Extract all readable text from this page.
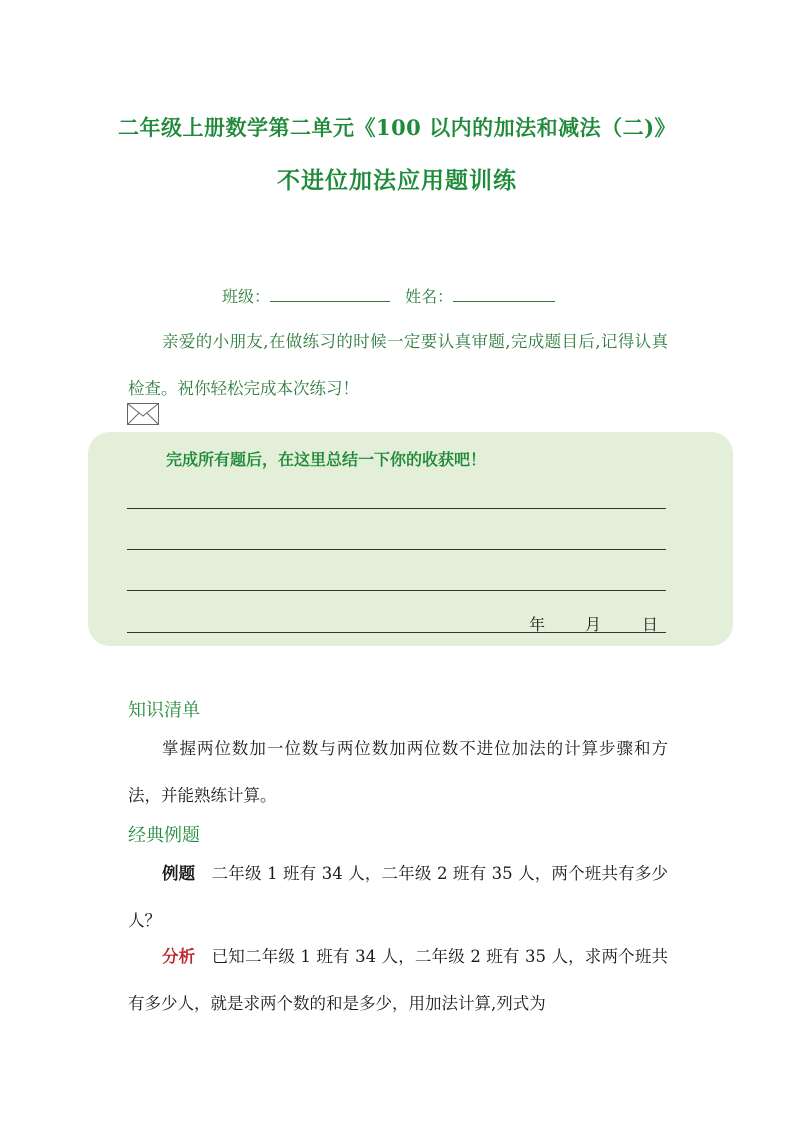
二年级上册数学第二单元《100 以内的加法和减法（二)》
不进位加法应用题训练
班级：	姓名：
亲爱的小朋友,在做练习的时候一定要认真审题,完成题目后,记得认真检查。祝你轻松完成本次练习！
完成所有题后，在这里总结一下你的收获吧！
年 月	日
知识清单
掌握两位数加一位数与两位数加两位数不进位加法的计算步骤和方法，并能熟练计算。
经典例题
例题 二年级 1 班有 34 人，二年级 2 班有 35 人，两个班共有多少人？
分析 已知二年级 1 班有 34 人，二年级 2 班有 35 人，求两个班共有多少人，就是求两个数的和是多少，用加法计算,列式为
